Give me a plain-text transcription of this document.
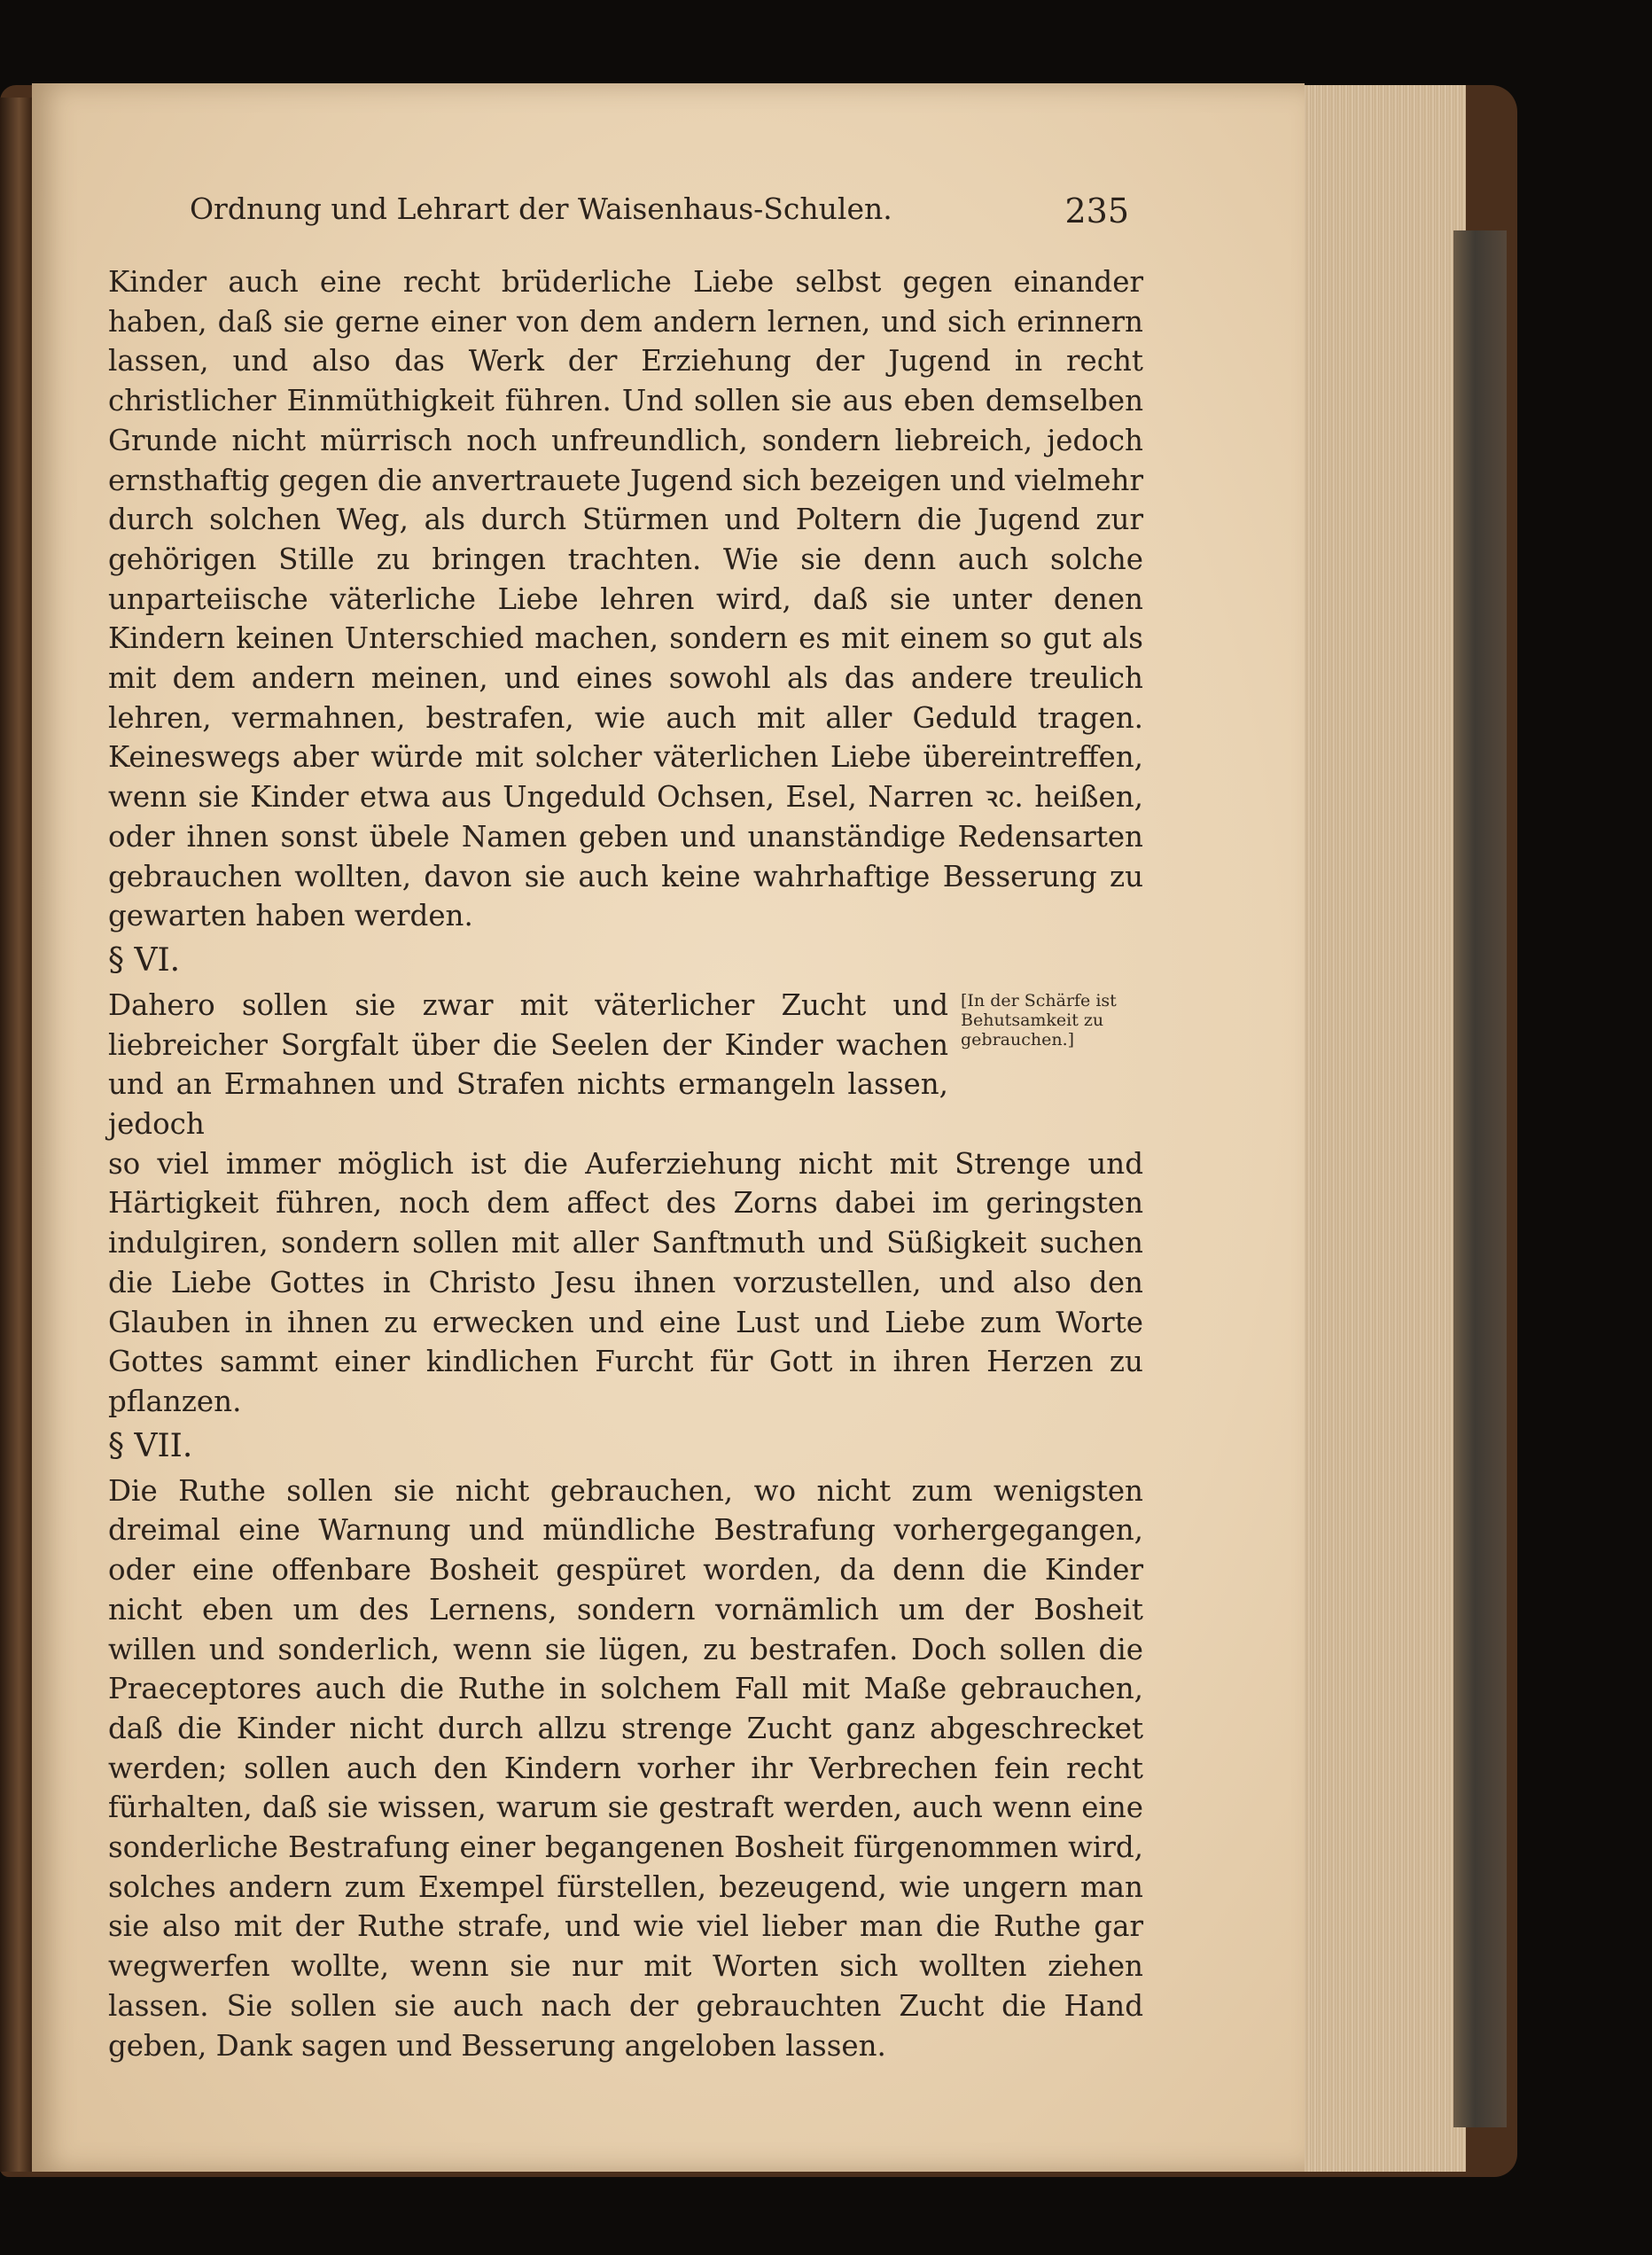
Ordnung und Lehrart der Waisenhaus-Schulen.	235

Kinder auch eine recht brüderliche Liebe selbst gegen einander haben, daß sie gerne einer von dem andern lernen, und sich erinnern lassen, und also das Werk der Erziehung der Jugend in recht christlicher Einmüthigkeit führen. Und sollen sie aus eben demselben Grunde nicht mürrisch noch unfreundlich, sondern liebreich, jedoch ernsthaftig gegen die anvertrauete Jugend sich bezeigen und vielmehr durch solchen Weg, als durch Stürmen und Poltern die Jugend zur gehörigen Stille zu bringen trachten. Wie sie denn auch solche unparteiische väterliche Liebe lehren wird, daß sie unter denen Kindern keinen Unterschied machen, sondern es mit einem so gut als mit dem andern meinen, und eines sowohl als das andere treulich lehren, vermahnen, bestrafen, wie auch mit aller Geduld tragen. Keineswegs aber würde mit solcher väterlichen Liebe übereintreffen, wenn sie Kinder etwa aus Ungeduld Ochsen, Esel, Narren ꝛc. heißen, oder ihnen sonst übele Namen geben und unanständige Redensarten gebrauchen wollten, davon sie auch keine wahrhaftige Besserung zu gewarten haben werden.

§ VI.

Dahero sollen sie zwar mit väterlicher Zucht und liebreicher Sorgfalt über die Seelen der Kinder wachen und an Ermahnen und Strafen nichts ermangeln lassen, jedoch

[In der Schärfe ist Behutsamkeit zu gebrauchen.]

so viel immer möglich ist die Auferziehung nicht mit Strenge und Härtigkeit führen, noch dem affect des Zorns dabei im geringsten indulgiren, sondern sollen mit aller Sanftmuth und Süßigkeit suchen die Liebe Gottes in Christo Jesu ihnen vorzustellen, und also den Glauben in ihnen zu erwecken und eine Lust und Liebe zum Worte Gottes sammt einer kindlichen Furcht für Gott in ihren Herzen zu pflanzen.

§ VII.

Die Ruthe sollen sie nicht gebrauchen, wo nicht zum wenigsten dreimal eine Warnung und mündliche Bestrafung vorhergegangen, oder eine offenbare Bosheit gespüret worden, da denn die Kinder nicht eben um des Lernens, sondern vornämlich um der Bosheit willen und sonderlich, wenn sie lügen, zu bestrafen. Doch sollen die Praeceptores auch die Ruthe in solchem Fall mit Maße gebrauchen, daß die Kinder nicht durch allzu strenge Zucht ganz abgeschrecket werden; sollen auch den Kindern vorher ihr Verbrechen fein recht fürhalten, daß sie wissen, warum sie gestraft werden, auch wenn eine sonderliche Bestrafung einer begangenen Bosheit fürgenommen wird, solches andern zum Exempel fürstellen, bezeugend, wie ungern man sie also mit der Ruthe strafe, und wie viel lieber man die Ruthe gar wegwerfen wollte, wenn sie nur mit Worten sich wollten ziehen lassen. Sie sollen sie auch nach der gebrauchten Zucht die Hand geben, Dank sagen und Besserung angeloben lassen.
